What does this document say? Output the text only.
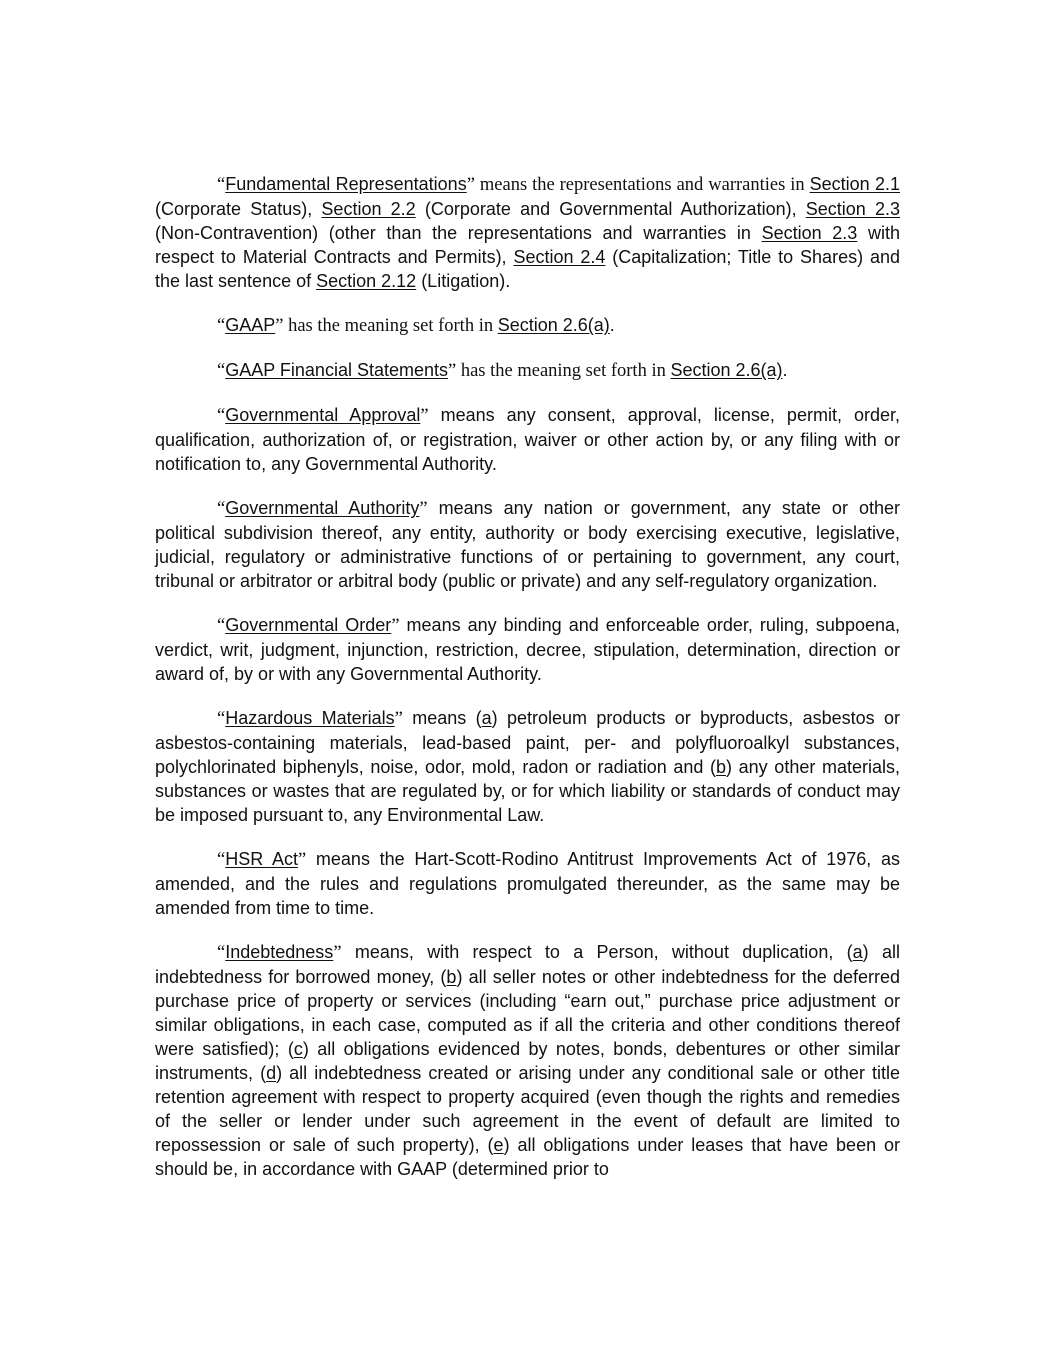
“Fundamental Representations” means the representations and warranties in Section 2.1 (Corporate Status), Section 2.2 (Corporate and Governmental Authorization), Section 2.3 (Non-Contravention) (other than the representations and warranties in Section 2.3 with respect to Material Contracts and Permits), Section 2.4 (Capitalization; Title to Shares) and the last sentence of Section 2.12 (Litigation).

“GAAP” has the meaning set forth in Section 2.6(a).

“GAAP Financial Statements” has the meaning set forth in Section 2.6(a).

“Governmental Approval” means any consent, approval, license, permit, order, qualification, authorization of, or registration, waiver or other action by, or any filing with or notification to, any Governmental Authority.

“Governmental Authority” means any nation or government, any state or other political subdivision thereof, any entity, authority or body exercising executive, legislative, judicial, regulatory or administrative functions of or pertaining to government, any court, tribunal or arbitrator or arbitral body (public or private) and any self-regulatory organization.

“Governmental Order” means any binding and enforceable order, ruling, subpoena, verdict, writ, judgment, injunction, restriction, decree, stipulation, determination, direction or award of, by or with any Governmental Authority.

“Hazardous Materials” means (a) petroleum products or byproducts, asbestos or asbestos-containing materials, lead-based paint, per- and polyfluoroalkyl substances, polychlorinated biphenyls, noise, odor, mold, radon or radiation and (b) any other materials, substances or wastes that are regulated by, or for which liability or standards of conduct may be imposed pursuant to, any Environmental Law.

“HSR Act” means the Hart-Scott-Rodino Antitrust Improvements Act of 1976, as amended, and the rules and regulations promulgated thereunder, as the same may be amended from time to time.

“Indebtedness” means, with respect to a Person, without duplication, (a) all indebtedness for borrowed money, (b) all seller notes or other indebtedness for the deferred purchase price of property or services (including “earn out,” purchase price adjustment or similar obligations, in each case, computed as if all the criteria and other conditions thereof were satisfied); (c) all obligations evidenced by notes, bonds, debentures or other similar instruments, (d) all indebtedness created or arising under any conditional sale or other title retention agreement with respect to property acquired (even though the rights and remedies of the seller or lender under such agreement in the event of default are limited to repossession or sale of such property), (e) all obligations under leases that have been or should be, in accordance with GAAP (determined prior to
